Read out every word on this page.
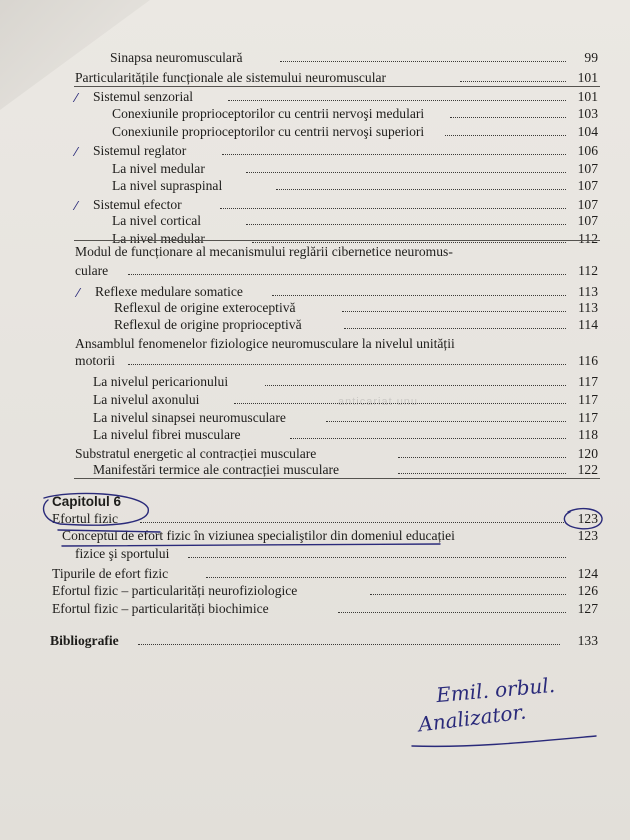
anticariat unu
Sinapsa neuromusculară	99
Particularitățile funcționale ale sistemului neuromuscular	101
Sistemul senzorial	101
⁄
Conexiunile proprioceptorilor cu centrii nervoşi medulari	103
Conexiunile proprioceptorilor cu centrii nervoşi superiori	104
Sistemul reglator	106
⁄
La nivel medular	107
La nivel supraspinal	107
Sistemul efector	107
⁄
La nivel cortical	107
La nivel medular	112
Modul de funcționare al mecanismului reglării cibernetice neuromus-
culare	112
Reflexe medulare somatice	113
⁄
Reflexul de origine exteroceptivă	113
Reflexul de origine proprioceptivă	114
Ansamblul fenomenelor fiziologice neuromusculare la nivelul unității
motorii	116
La nivelul pericarionului	117
La nivelul axonului	117
La nivelul sinapsei neuromusculare	117
La nivelul fibrei musculare	118
Substratul energetic al contracției musculare	120
Manifestări termice ale contracției musculare	122
Capitolul 6
Efortul fizic	123
Conceptul de efort fizic în viziunea specialiştilor din domeniul educației	123
fizice şi sportului
Tipurile de efort fizic	124
Efortul fizic – particularități neurofiziologice	126
Efortul fizic – particularități biochimice	127
Bibliografie	133
Emil. orbul.
Analizator.
